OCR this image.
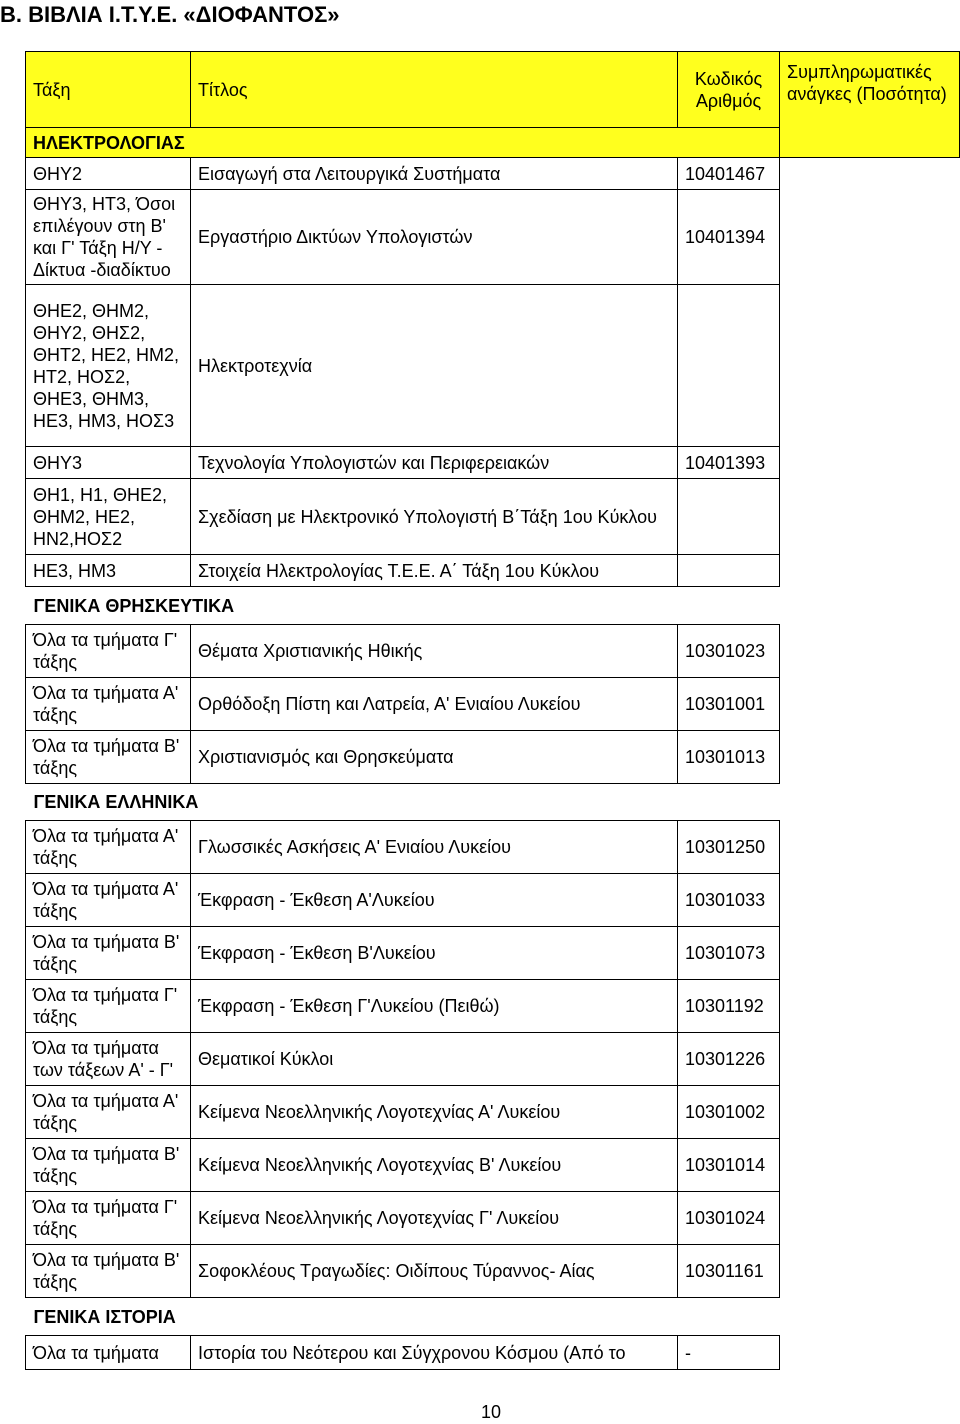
Β. ΒΙΒΛΙΑ Ι.Τ.Υ.Ε. «ΔΙΟΦΑΝΤΟΣ»
Τάξη	Τίτλος	Κωδικός Αριθμός	Συμπληρωματικές ανάγκες (Ποσότητα)
ΗΛΕΚΤΡΟΛΟΓΙΑΣ			
ΘΗΥ2	Εισαγωγή στα Λειτουργικά Συστήματα	10401467	
ΘΗΥ3, ΗΤ3, Όσοι επιλέγουν στη Β' και Γ' Τάξη Η/Υ - Δίκτυα -διαδίκτυο	Εργαστήριο Δικτύων Υπολογιστών	10401394	
ΘΗΕ2, ΘΗΜ2, ΘΗΥ2, ΘΗΣ2, ΘΗΤ2, ΗΕ2, ΗΜ2, ΗΤ2, ΗΟΣ2, ΘΗΕ3, ΘΗΜ3, ΗΕ3, ΗΜ3, ΗΟΣ3	Ηλεκτροτεχνία		
ΘΗΥ3	Τεχνολογία Υπολογιστών και Περιφερειακών	10401393	
ΘΗ1, Η1, ΘΗΕ2, ΘΗΜ2, ΗΕ2, ΗΝ2,ΗΟΣ2	Σχεδίαση με Ηλεκτρονικό Υπολογιστή Β΄Τάξη 1ου Κύκλου		
ΗΕ3, ΗΜ3	Στοιχεία Ηλεκτρολογίας Τ.Ε.Ε. Α΄ Τάξη 1ου Κύκλου		
ΓΕΝΙΚΑ ΘΡΗΣΚΕΥΤΙΚΑ			
Όλα τα τμήματα Γ' τάξης	Θέματα Χριστιανικής Ηθικής	10301023	
Όλα τα τμήματα Α' τάξης	Ορθόδοξη Πίστη και Λατρεία, Α' Ενιαίου Λυκείου	10301001	
Όλα τα τμήματα Β' τάξης	Χριστιανισμός και Θρησκεύματα	10301013	
ΓΕΝΙΚΑ ΕΛΛΗΝΙΚΑ			
Όλα τα τμήματα Α' τάξης	Γλωσσικές Ασκήσεις Α' Ενιαίου Λυκείου	10301250	
Όλα τα τμήματα Α' τάξης	Έκφραση - Έκθεση Α'Λυκείου	10301033	
Όλα τα τμήματα Β' τάξης	Έκφραση - Έκθεση Β'Λυκείου	10301073	
Όλα τα τμήματα Γ' τάξης	Έκφραση - Έκθεση Γ'Λυκείου (Πειθώ)	10301192	
Όλα τα τμήματα των τάξεων Α' - Γ'	Θεματικοί Κύκλοι	10301226	
Όλα τα τμήματα Α' τάξης	Κείμενα Νεοελληνικής Λογοτεχνίας Α' Λυκείου	10301002	
Όλα τα τμήματα Β' τάξης	Κείμενα Νεοελληνικής Λογοτεχνίας Β' Λυκείου	10301014	
Όλα τα τμήματα Γ' τάξης	Κείμενα Νεοελληνικής Λογοτεχνίας Γ' Λυκείου	10301024	
Όλα τα τμήματα Β' τάξης	Σοφοκλέους Τραγωδίες: Οιδίπους Τύραννος- Αίας	10301161	
ΓΕΝΙΚΑ ΙΣΤΟΡΙΑ			
Όλα τα τμήματα	Ιστορία του Νεότερου και Σύγχρονου Κόσμου (Από το	-	
10
